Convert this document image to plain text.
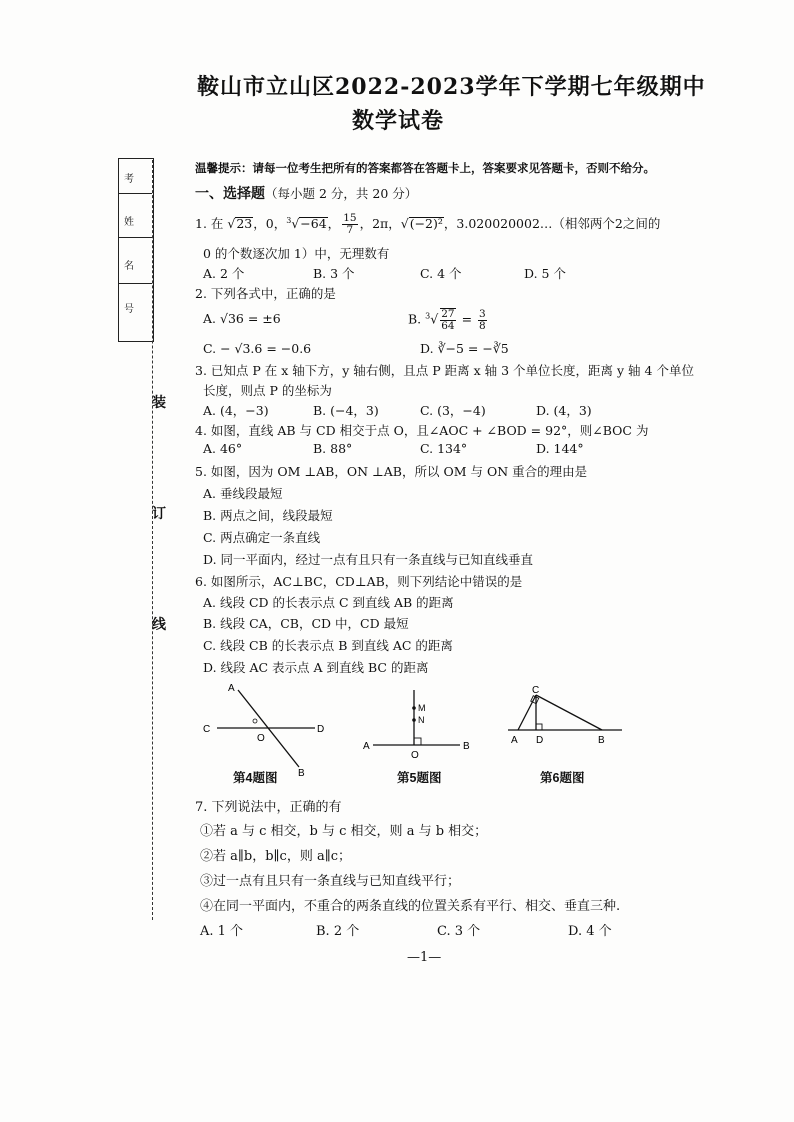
鞍山市立山区2022-2023学年下学期七年级期中
数学试卷
考
姓
名
号
装
订
线
温馨提示：请每一位考生把所有的答案都答在答题卡上，答案要求见答题卡，否则不给分。
一、选择题（每小题 2 分，共 20 分）
1. 在 √23，0，$^3$√−64， $\frac{15}{7}$ ，2π，√(−2)²，3.020020002…（相邻两个2之间的
0 的个数逐次加 1）中，无理数有
A. 2 个	B. 3 个	C. 4 个	D. 5 个
2. 下列各式中，正确的是
A. √36 = ±6	B. $^3√ \frac{27}{64} = \frac{3}{8}$
C. − √3.6 = −0.6	D. ∛−5 = −∛5
3. 已知点 P 在 x 轴下方，y 轴右侧，且点 P 距离 x 轴 3 个单位长度，距离 y 轴 4 个单位
长度，则点 P 的坐标为
A. (4，−3)	B. (−4，3)	C. (3，−4)	D. (4，3)
4. 如图，直线 AB 与 CD 相交于点 O，且∠AOC + ∠BOD = 92°，则∠BOC 为
A. 46°	B. 88°	C. 134°	D. 144°
5. 如图，因为 OM ⊥AB，ON ⊥AB，所以 OM 与 ON 重合的理由是
A. 垂线段最短
B. 两点之间，线段最短
C. 两点确定一条直线
D. 同一平面内，经过一点有且只有一条直线与已知直线垂直
6. 如图所示，AC⊥BC，CD⊥AB，则下列结论中错误的是
A. 线段 CD 的长表示点 C 到直线 AB 的距离
B. 线段 CA，CB，CD 中，CD 最短
C. 线段 CB 的长表示点 B 到直线 AC 的距离
D. 线段 AC 表示点 A 到直线 BC 的距离
A
B
C	D
O
第4题图
A	B
M
N
O
第5题图
C
A D	B
第6题图
7. 下列说法中，正确的有
①若 a 与 c 相交，b 与 c 相交，则 a 与 b 相交；
②若 a∥b，b∥c，则 a∥c；
③过一点有且只有一条直线与已知直线平行；
④在同一平面内，不重合的两条直线的位置关系有平行、相交、垂直三种.
A. 1 个	B. 2 个	C. 3 个	D. 4 个
—1—
